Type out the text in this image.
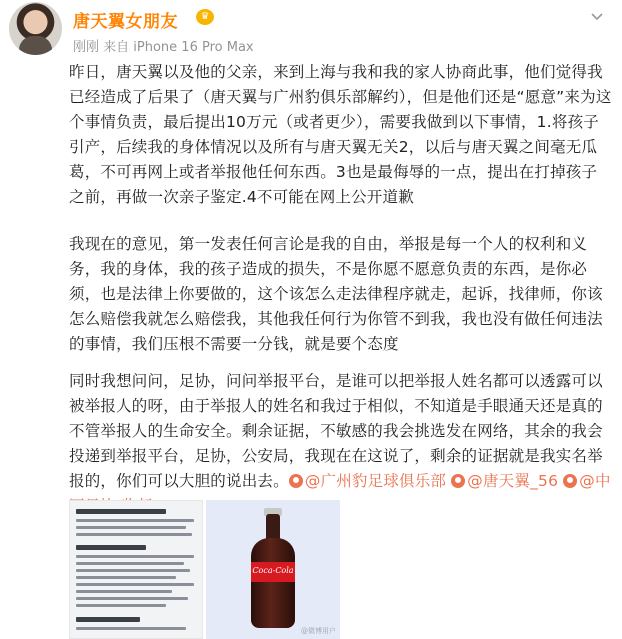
唐天翼女朋友	♛
刚刚 来自 iPhone 16 Pro Max
昨日，唐天翼以及他的父亲，来到上海与我和我的家人协商此事，他们觉得我已经造成了后果了（唐天翼与广州豹俱乐部解约），但是他们还是“愿意”来为这个事情负责，最后提出10万元（或者更少），需要我做到以下事情，1.将孩子引产，后续我的身体情况以及所有与唐天翼无关2，以后与唐天翼之间毫无瓜葛，不可再网上或者举报他任何东西。3也是最侮辱的一点，提出在打掉孩子之前，再做一次亲子鉴定.4不可能在网上公开道歉
我现在的意见，第一发表任何言论是我的自由，举报是每一个人的权利和义务，我的身体，我的孩子造成的损失，不是你愿不愿意负责的东西，是你必须，也是法律上你要做的，这个该怎么走法律程序就走，起诉，找律师，你该怎么赔偿我就怎么赔偿我，其他我任何行为你管不到我，我也没有做任何违法的事情，我们压根不需要一分钱，就是要个态度
同时我想问问，足协，问问举报平台，是谁可以把举报人姓名都可以透露可以被举报人的呀，由于举报人的姓名和我过于相似，不知道是手眼通天还是真的不管举报人的生命安全。剩余证据，不敏感的我会挑选发在网络，其余的我会投递到举报平台，足协，公安局，我现在在这说了，剩余的证据就是我实名举报的，你们可以大胆的说出去。 @广州豹足球俱乐部 @唐天翼_56 @中
Coca-Cola
@微博用户
